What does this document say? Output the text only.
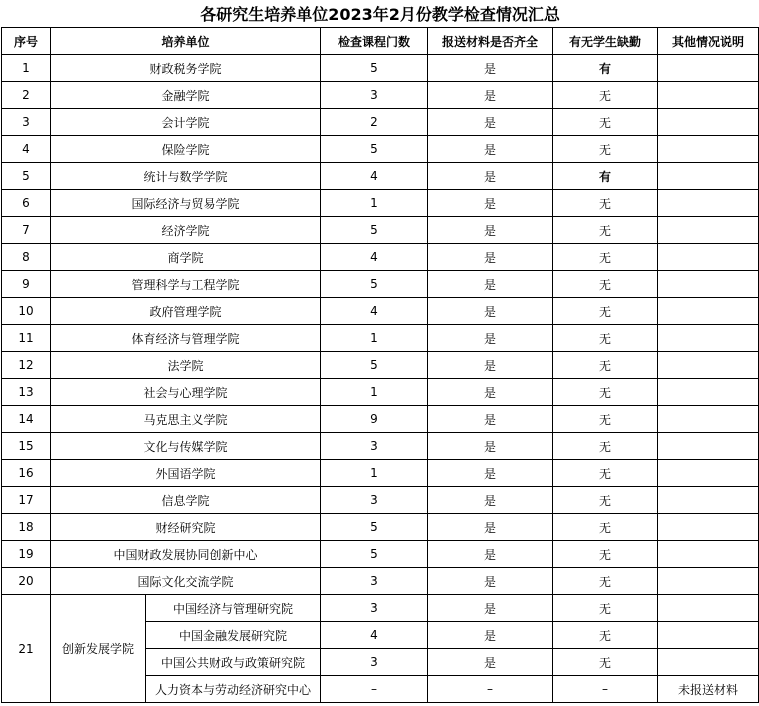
各研究生培养单位2023年2月份教学检查情况汇总						
序号	培养单位		检查课程门数	报送材料是否齐全	有无学生缺勤	其他情况说明
1	财政税务学院		5	是	有	
2	金融学院		3	是	无	
3	会计学院		2	是	无	
4	保险学院		5	是	无	
5	统计与数学学院		4	是	有	
6	国际经济与贸易学院		1	是	无	
7	经济学院		5	是	无	
8	商学院		4	是	无	
9	管理科学与工程学院		5	是	无	
10	政府管理学院		4	是	无	
11	体育经济与管理学院		1	是	无	
12	法学院		5	是	无	
13	社会与心理学院		1	是	无	
14	马克思主义学院		9	是	无	
15	文化与传媒学院		3	是	无	
16	外国语学院		1	是	无	
17	信息学院		3	是	无	
18	财经研究院		5	是	无	
19	中国财政发展协同创新中心		5	是	无	
20	国际文化交流学院		3	是	无	
21	创新发展学院	中国经济与管理研究院	3	是	无	
		中国金融发展研究院	4	是	无	
		中国公共财政与政策研究院	3	是	无	
		人力资本与劳动经济研究中心	–	–	–	未报送材料
